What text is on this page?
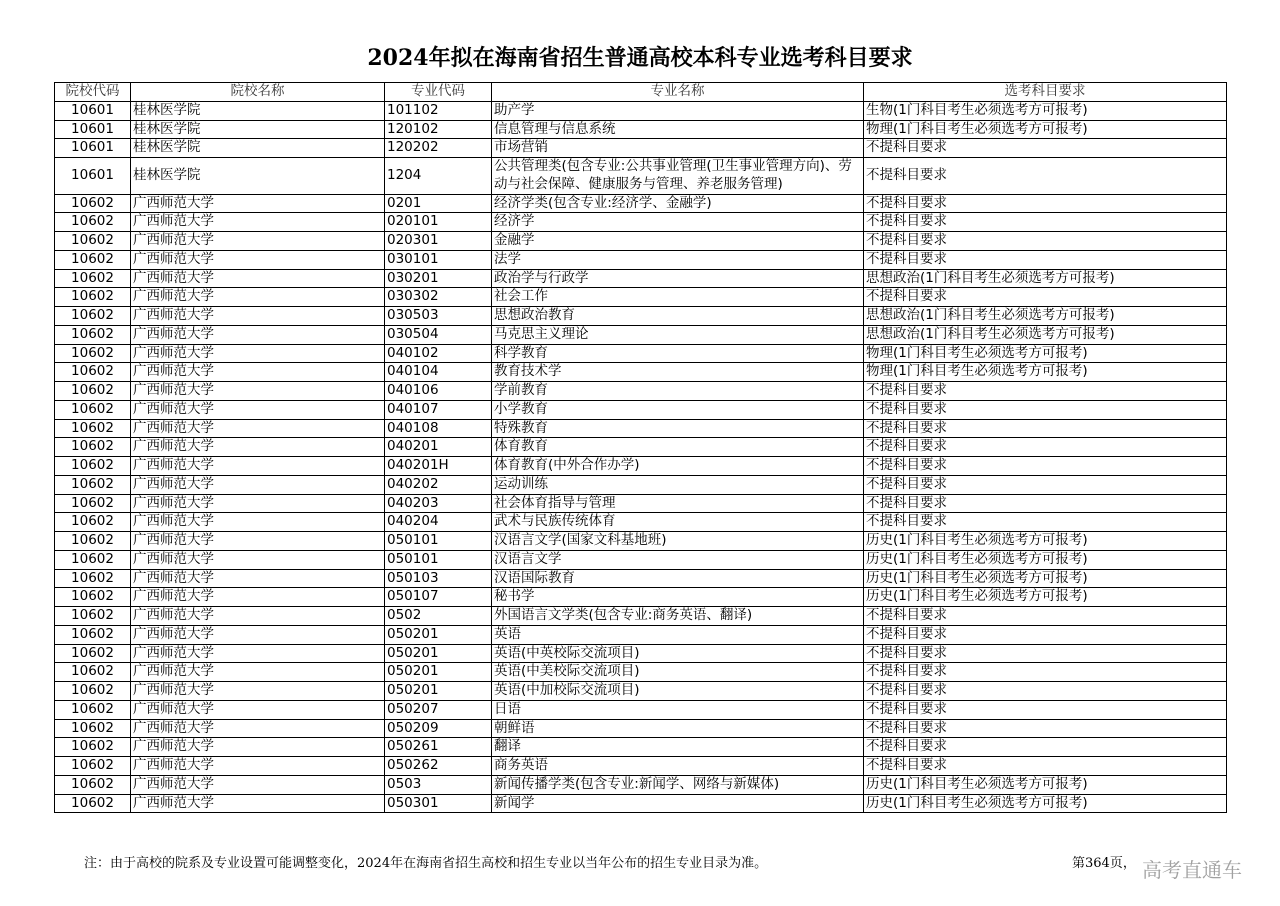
2024年拟在海南省招生普通高校本科专业选考科目要求
院校代码	院校名称	专业代码	专业名称	选考科目要求
10601	桂林医学院	101102	助产学	生物(1门科目考生必须选考方可报考)
10601	桂林医学院	120102	信息管理与信息系统	物理(1门科目考生必须选考方可报考)
10601	桂林医学院	120202	市场营销	不提科目要求
10601	桂林医学院	1204	公共管理类(包含专业:公共事业管理(卫生事业管理方向)、劳动与社会保障、健康服务与管理、养老服务管理)	不提科目要求
10602	广西师范大学	0201	经济学类(包含专业:经济学、金融学)	不提科目要求
10602	广西师范大学	020101	经济学	不提科目要求
10602	广西师范大学	020301	金融学	不提科目要求
10602	广西师范大学	030101	法学	不提科目要求
10602	广西师范大学	030201	政治学与行政学	思想政治(1门科目考生必须选考方可报考)
10602	广西师范大学	030302	社会工作	不提科目要求
10602	广西师范大学	030503	思想政治教育	思想政治(1门科目考生必须选考方可报考)
10602	广西师范大学	030504	马克思主义理论	思想政治(1门科目考生必须选考方可报考)
10602	广西师范大学	040102	科学教育	物理(1门科目考生必须选考方可报考)
10602	广西师范大学	040104	教育技术学	物理(1门科目考生必须选考方可报考)
10602	广西师范大学	040106	学前教育	不提科目要求
10602	广西师范大学	040107	小学教育	不提科目要求
10602	广西师范大学	040108	特殊教育	不提科目要求
10602	广西师范大学	040201	体育教育	不提科目要求
10602	广西师范大学	040201H	体育教育(中外合作办学)	不提科目要求
10602	广西师范大学	040202	运动训练	不提科目要求
10602	广西师范大学	040203	社会体育指导与管理	不提科目要求
10602	广西师范大学	040204	武术与民族传统体育	不提科目要求
10602	广西师范大学	050101	汉语言文学(国家文科基地班)	历史(1门科目考生必须选考方可报考)
10602	广西师范大学	050101	汉语言文学	历史(1门科目考生必须选考方可报考)
10602	广西师范大学	050103	汉语国际教育	历史(1门科目考生必须选考方可报考)
10602	广西师范大学	050107	秘书学	历史(1门科目考生必须选考方可报考)
10602	广西师范大学	0502	外国语言文学类(包含专业:商务英语、翻译)	不提科目要求
10602	广西师范大学	050201	英语	不提科目要求
10602	广西师范大学	050201	英语(中英校际交流项目)	不提科目要求
10602	广西师范大学	050201	英语(中美校际交流项目)	不提科目要求
10602	广西师范大学	050201	英语(中加校际交流项目)	不提科目要求
10602	广西师范大学	050207	日语	不提科目要求
10602	广西师范大学	050209	朝鲜语	不提科目要求
10602	广西师范大学	050261	翻译	不提科目要求
10602	广西师范大学	050262	商务英语	不提科目要求
10602	广西师范大学	0503	新闻传播学类(包含专业:新闻学、网络与新媒体)	历史(1门科目考生必须选考方可报考)
10602	广西师范大学	050301	新闻学	历史(1门科目考生必须选考方可报考)
注：由于高校的院系及专业设置可能调整变化，2024年在海南省招生高校和招生专业以当年公布的招生专业目录为准。	第364页， 高考直通车
